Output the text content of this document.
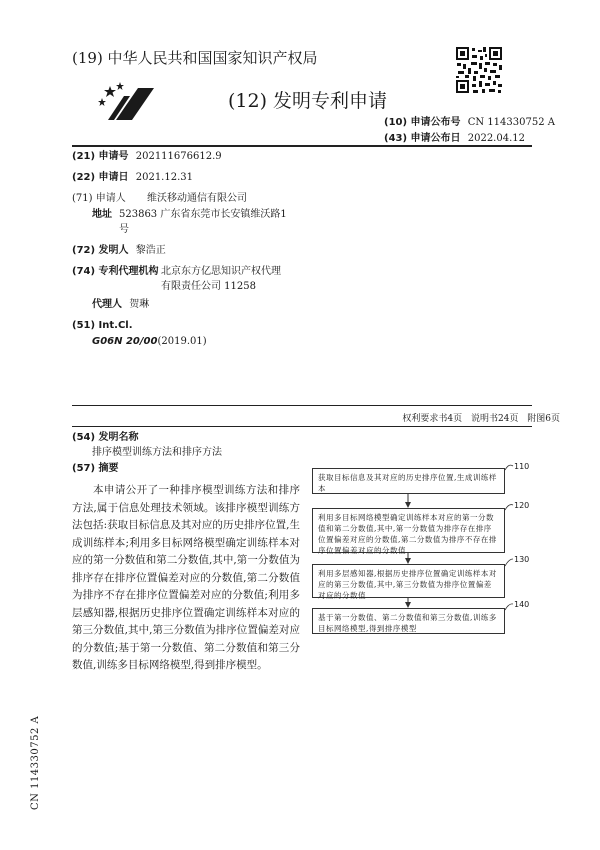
(19) 中华人民共和国国家知识产权局
(12) 发明专利申请
(10) 申请公布号 CN 114330752 A
(43) 申请公布日 2022.04.12
(21) 申请号 202111676612.9
(22) 申请日 2021.12.31
(71) 申请人 维沃移动通信有限公司
地址 523863 广东省东莞市长安镇维沃路1
号
(72) 发明人 黎浩正
(74) 专利代理机构 北京东方亿思知识产权代理
有限责任公司 11258
代理人 贺琳
(51) Int.Cl.
G06N 20/00(2019.01)
权利要求书4页 说明书24页 附图6页
(54) 发明名称
排序模型训练方法和排序方法
(57) 摘要
本申请公开了一种排序模型训练方法和排序方法,属于信息处理技术领域。该排序模型训练方法包括:获取目标信息及其对应的历史排序位置,生成训练样本;利用多目标网络模型确定训练样本对应的第一分数值和第二分数值,其中,第一分数值为排序存在排序位置偏差对应的分数值,第二分数值为排序不存在排序位置偏差对应的分数值;利用多层感知器,根据历史排序位置确定训练样本对应的第三分数值,其中,第三分数值为排序位置偏差对应的分数值;基于第一分数值、第二分数值和第三分数值,训练多目标网络模型,得到排序模型。
CN 114330752 A
获取目标信息及其对应的历史排序位置,生成训练样本
利用多目标网络模型确定训练样本对应的第一分数值和第二分数值,其中,第一分数值为排序存在排序位置偏差对应的分数值,第二分数值为排序不存在排序位置偏差对应的分数值
利用多层感知器,根据历史排序位置确定训练样本对应的第三分数值,其中,第三分数值为排序位置偏差对应的分数值
基于第一分数值、第二分数值和第三分数值,训练多目标网络模型,得到排序模型
110
120
130
140
